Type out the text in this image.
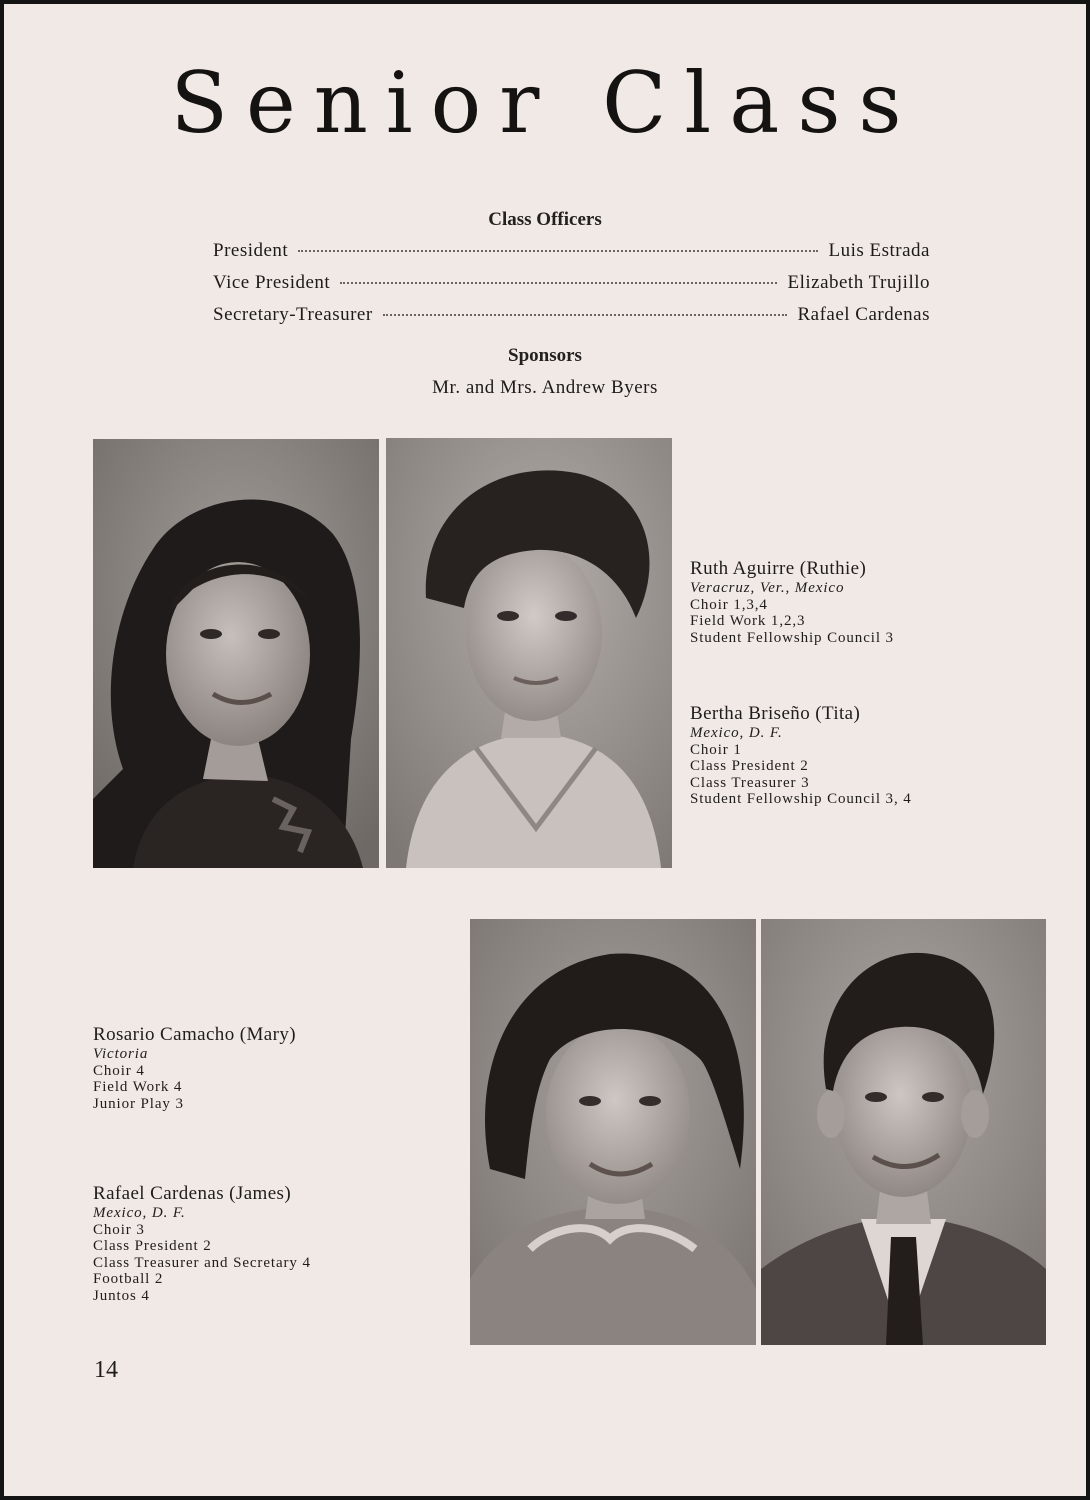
Senior Class
Class Officers
President	Luis Estrada
Vice President	Elizabeth Trujillo
Secretary-Treasurer	Rafael Cardenas
Sponsors
Mr. and Mrs. Andrew Byers
Ruth Aguirre (Ruthie)
Veracruz, Ver., Mexico
Choir 1,3,4
Field Work 1,2,3
Student Fellowship Council 3
Bertha Briseño (Tita)
Mexico, D. F.
Choir 1
Class President 2
Class Treasurer 3
Student Fellowship Council 3, 4
Rosario Camacho (Mary)
Victoria
Choir 4
Field Work 4
Junior Play 3
Rafael Cardenas (James)
Mexico, D. F.
Choir 3
Class President 2
Class Treasurer and Secretary 4
Football 2
Juntos 4
14
